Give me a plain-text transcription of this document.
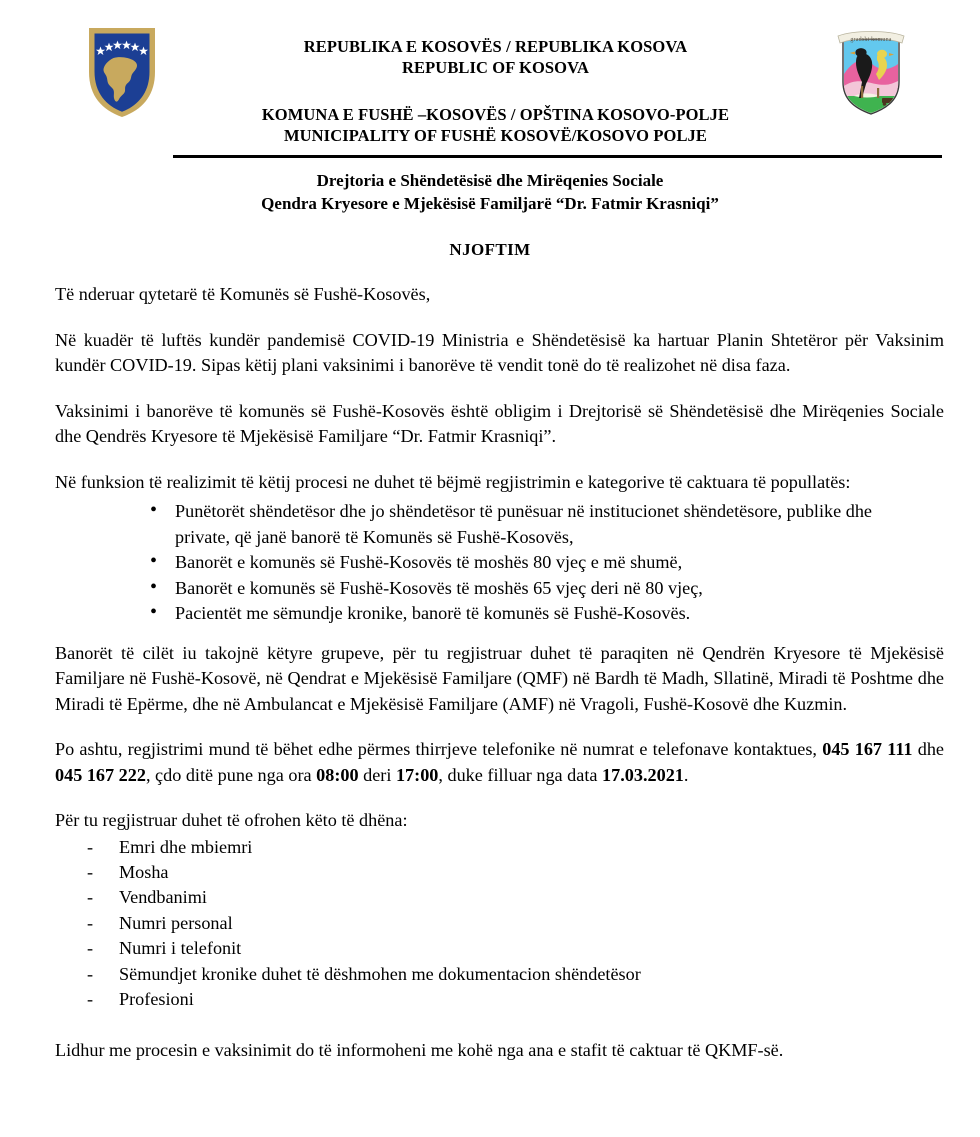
REPUBLIKA E KOSOVËS / REPUBLIKA KOSOVA
REPUBLIC OF KOSOVA
KOMUNA E FUSHË –KOSOVËS / OPŠTINA KOSOVO-POLJE
MUNICIPALITY OF FUSHË KOSOVË/KOSOVO POLJE
gradski komuna
Drejtoria e Shëndetësisë dhe Mirëqenies Sociale
Qendra Kryesore e Mjekësisë Familjarë “Dr. Fatmir Krasniqi”
NJOFTIM

Të nderuar qytetarë të Komunës së Fushë-Kosovës,

Në kuadër të luftës kundër pandemisë COVID-19 Ministria e Shëndetësisë ka hartuar Planin Shtetëror për Vaksinim kundër COVID-19. Sipas këtij plani vaksinimi i banorëve të vendit tonë do të realizohet në disa faza.

Vaksinimi i banorëve të komunës së Fushë-Kosovës është obligim i Drejtorisë së Shëndetësisë dhe Mirëqenies Sociale dhe Qendrës Kryesore të Mjekësisë Familjare “Dr. Fatmir Krasniqi”.

Në funksion të realizimit të këtij procesi ne duhet të bëjmë regjistrimin e kategorive të caktuara të popullatës:

• Punëtorët shëndetësor dhe jo shëndetësor të punësuar në institucionet shëndetësore, publike dhe private, që janë banorë të Komunës së Fushë-Kosovës,
• Banorët e komunës së Fushë-Kosovës të moshës 80 vjeç e më shumë,
• Banorët e komunës së Fushë-Kosovës të moshës 65 vjeç deri në 80 vjeç,
• Pacientët me sëmundje kronike, banorë të komunës së Fushë-Kosovës.

Banorët të cilët iu takojnë këtyre grupeve, për tu regjistruar duhet të paraqiten në Qendrën Kryesore të Mjekësisë Familjare në Fushë-Kosovë, në Qendrat e Mjekësisë Familjare (QMF) në Bardh të Madh, Sllatinë, Miradi të Poshtme dhe Miradi të Epërme, dhe në Ambulancat e Mjekësisë Familjare (AMF) në Vragoli, Fushë-Kosovë dhe Kuzmin.

Po ashtu, regjistrimi mund të bëhet edhe përmes thirrjeve telefonike në numrat e telefonave kontaktues, 045 167 111 dhe 045 167 222, çdo ditë pune nga ora 08:00 deri 17:00, duke filluar nga data 17.03.2021.

Për tu regjistruar duhet të ofrohen këto të dhëna:

- Emri dhe mbiemri
- Mosha
- Vendbanimi
- Numri personal
- Numri i telefonit
- Sëmundjet kronike duhet të dëshmohen me dokumentacion shëndetësor
- Profesioni

Lidhur me procesin e vaksinimit do të informoheni me kohë nga ana e stafit të caktuar të QKMF-së.
